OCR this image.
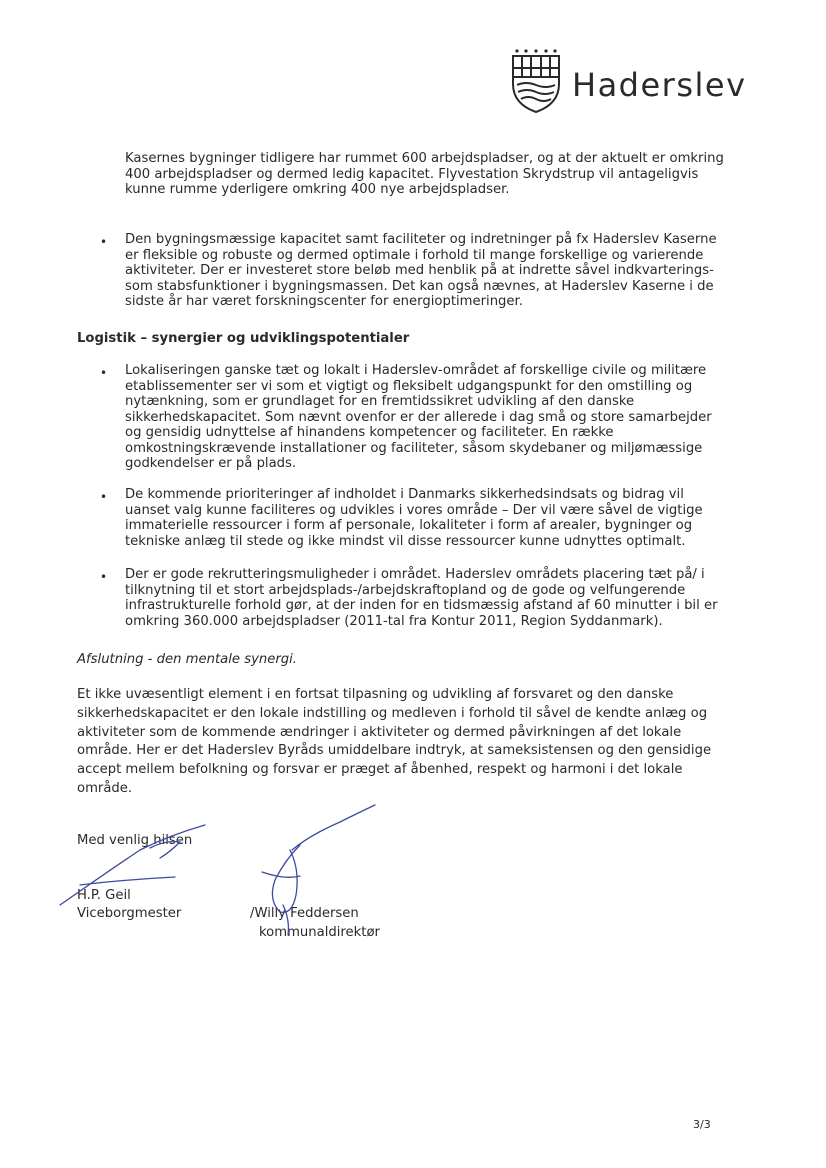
Haderslev

Kasernes bygninger tidligere har rummet 600 arbejdspladser, og at der aktuelt er omkring 400 arbejdspladser og dermed ledig kapacitet. Flyvestation Skrydstrup vil antageligvis kunne rumme yderligere omkring 400 nye arbejdspladser.

• Den bygningsmæssige kapacitet samt faciliteter og indretninger på fx Haderslev Kaserne er fleksible og robuste og dermed optimale i forhold til mange forskellige og varierende aktiviteter. Der er investeret store beløb med henblik på at indrette såvel indkvarterings- som stabsfunktioner i bygningsmassen. Det kan også nævnes, at Haderslev Kaserne i de sidste år har været forskningscenter for energioptimeringer.

Logistik – synergier og udviklingspotentialer

• Lokaliseringen ganske tæt og lokalt i Haderslev-området af forskellige civile og militære etablissementer ser vi som et vigtigt og fleksibelt udgangspunkt for den omstilling og nytænkning, som er grundlaget for en fremtidssikret udvikling af den danske sikkerhedskapacitet. Som nævnt ovenfor er der allerede i dag små og store samarbejder og gensidig udnyttelse af hinandens kompetencer og faciliteter. En række omkostningskrævende installationer og faciliteter, såsom skydebaner og miljømæssige godkendelser er på plads.

• De kommende prioriteringer af indholdet i Danmarks sikkerhedsindsats og bidrag vil uanset valg kunne faciliteres og udvikles i vores område – Der vil være såvel de vigtige immaterielle ressourcer i form af personale, lokaliteter i form af arealer, bygninger og tekniske anlæg til stede og ikke mindst vil disse ressourcer kunne udnyttes optimalt.

• Der er gode rekrutteringsmuligheder i området. Haderslev områdets placering tæt på/ i tilknytning til et stort arbejdsplads-/arbejdskraftopland og de gode og velfungerende infrastrukturelle forhold gør, at der inden for en tidsmæssig afstand af 60 minutter i bil er omkring 360.000 arbejdspladser (2011-tal fra Kontur 2011, Region Syddanmark).

Afslutning - den mentale synergi.

Et ikke uvæsentligt element i en fortsat tilpasning og udvikling af forsvaret og den danske sikkerhedskapacitet er den lokale indstilling og medleven i forhold til såvel de kendte anlæg og aktiviteter som de kommende ændringer i aktiviteter og dermed påvirkningen af det lokale område. Her er det Haderslev Byråds umiddelbare indtryk, at sameksistensen og den gensidige accept mellem befolkning og forsvar er præget af åbenhed, respekt og harmoni i det lokale område.

Med venlig hilsen
H.P. Geil
Viceborgmester	/Willy Feddersen
kommunaldirektør
3/3
